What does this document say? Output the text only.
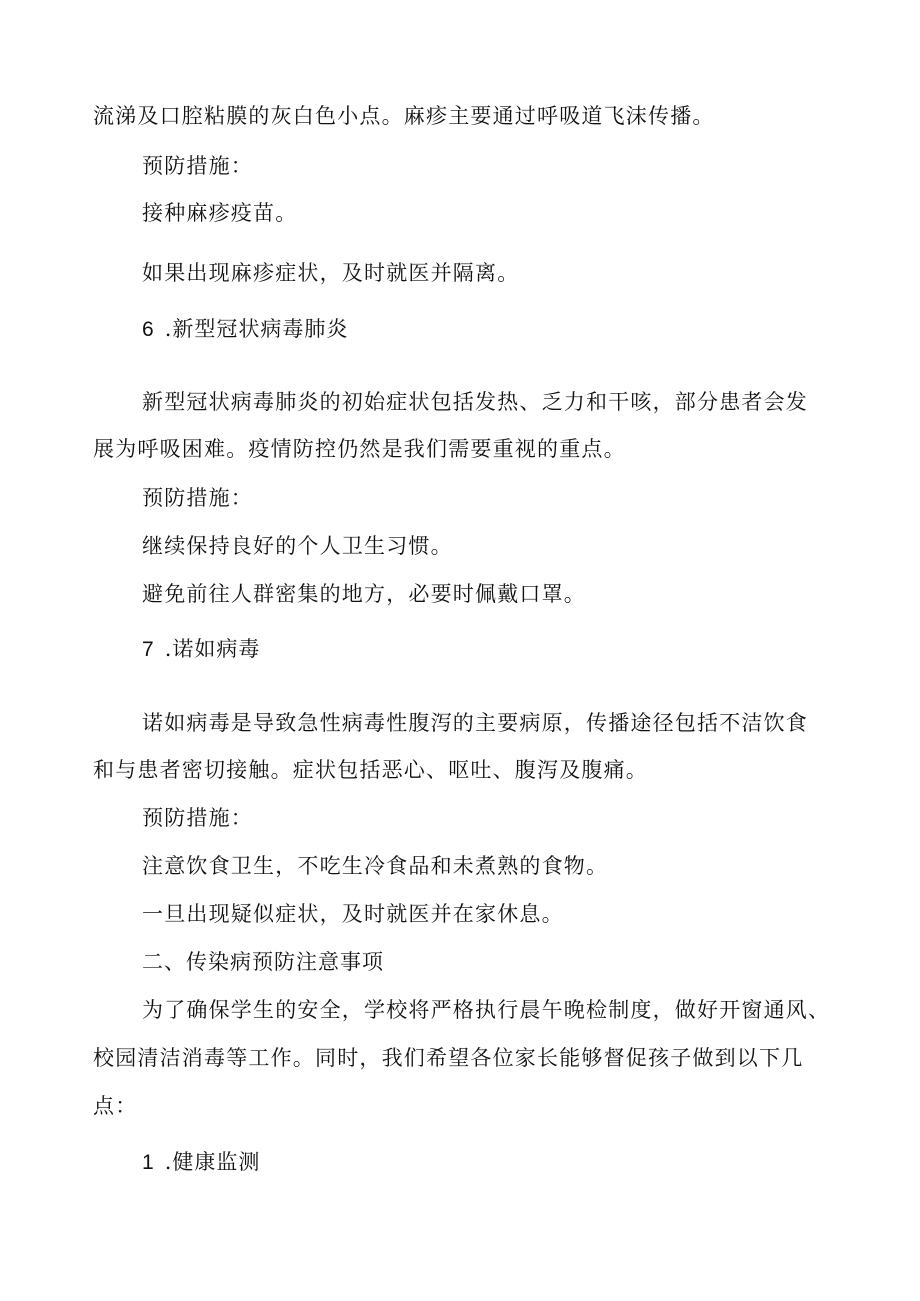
流涕及口腔粘膜的灰白色小点。麻疹主要通过呼吸道飞沫传播。
预防措施：
接种麻疹疫苗。
如果出现麻疹症状，及时就医并隔离。
6 .新型冠状病毒肺炎
新型冠状病毒肺炎的初始症状包括发热、乏力和干咳，部分患者会发
展为呼吸困难。疫情防控仍然是我们需要重视的重点。
预防措施：
继续保持良好的个人卫生习惯。
避免前往人群密集的地方，必要时佩戴口罩。
7 .诺如病毒
诺如病毒是导致急性病毒性腹泻的主要病原，传播途径包括不洁饮食
和与患者密切接触。症状包括恶心、呕吐、腹泻及腹痛。
预防措施：
注意饮食卫生，不吃生冷食品和未煮熟的食物。
一旦出现疑似症状，及时就医并在家休息。
二、传染病预防注意事项
为了确保学生的安全，学校将严格执行晨午晚检制度，做好开窗通风、
校园清洁消毒等工作。同时，我们希望各位家长能够督促孩子做到以下几
点：
1 .健康监测
